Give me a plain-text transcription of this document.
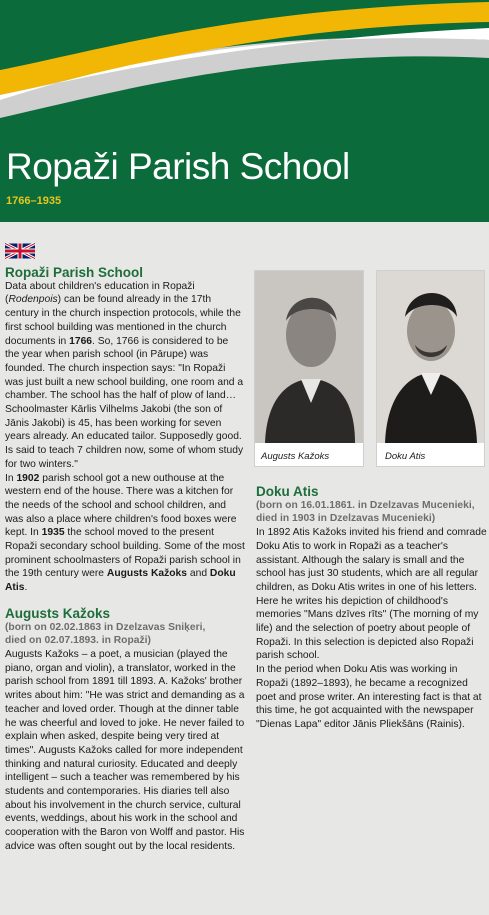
Ropaži Parish School
1766–1935
Ropaži Parish School

Data about children's education in Ropaži (Rodenpois) can be found already in the 17th century in the church inspection protocols, while the first school building was mentioned in the church documents in 1766. So, 1766 is considered to be the year when parish school (in Pārupe) was founded. The church inspection says: "In Ropaži was just built a new school building, one room and a chamber. The school has the half of plow of land… Schoolmaster Kārlis Vilhelms Jakobi (the son of Jānis Jakobi) is 45, has been working for seven years already. An educated tailor. Supposedly good. Is said to teach 7 children now, some of whom study for two winters."

In 1902 parish school got a new outhouse at the western end of the house. There was a kitchen for the needs of the school and school children, and was also a place where children's food boxes were kept. In 1935 the school moved to the present Ropaži secondary school building. Some of the most prominent schoolmasters of Ropaži parish school in the 19th century were Augusts Kažoks and Doku Atis.

Augusts Kažoks

(born on 02.02.1863 in Dzelzavas Sniķeri,

died on 02.07.1893. in Ropaži)

Augusts Kažoks – a poet, a musician (played the piano, organ and violin), a translator, worked in the parish school from 1891 till 1893. A. Kažoks' brother writes about him: "He was strict and demanding as a teacher and loved order. Though at the dinner table he was cheerful and loved to joke. He never failed to explain when asked, despite being very tired at times". Augusts Kažoks called for more independent thinking and natural curiosity. Educated and deeply intelligent – such a teacher was remembered by his students and contemporaries. His diaries tell also about his involvement in the church service, cultural events, weddings, about his work in the school and cooperation with the Baron von Wolff and pastor. His advice was often sought out by the local residents.

Augusts Kažoks	Doku Atis
Doku Atis

(born on 16.01.1861. in Dzelzavas Mucenieki,

died in 1903 in Dzelzavas Mucenieki)

In 1892 Atis Kažoks invited his friend and comrade Doku Atis to work in Ropaži as a teacher's assistant. Although the salary is small and the school has just 30 students, which are all regular children, as Doku Atis writes in one of his letters. Here he writes his depiction of childhood's memories "Mans dzīves rīts" (The morning of my life) and the selection of poetry about people of Ropaži. In this selection is depicted also Ropaži parish school.

In the period when Doku Atis was working in Ropaži (1892–1893), he became a recognized poet and prose writer. An interesting fact is that at this time, he got acquainted with the newspaper "Dienas Lapa" editor Jānis Pliekšāns (Rainis).
